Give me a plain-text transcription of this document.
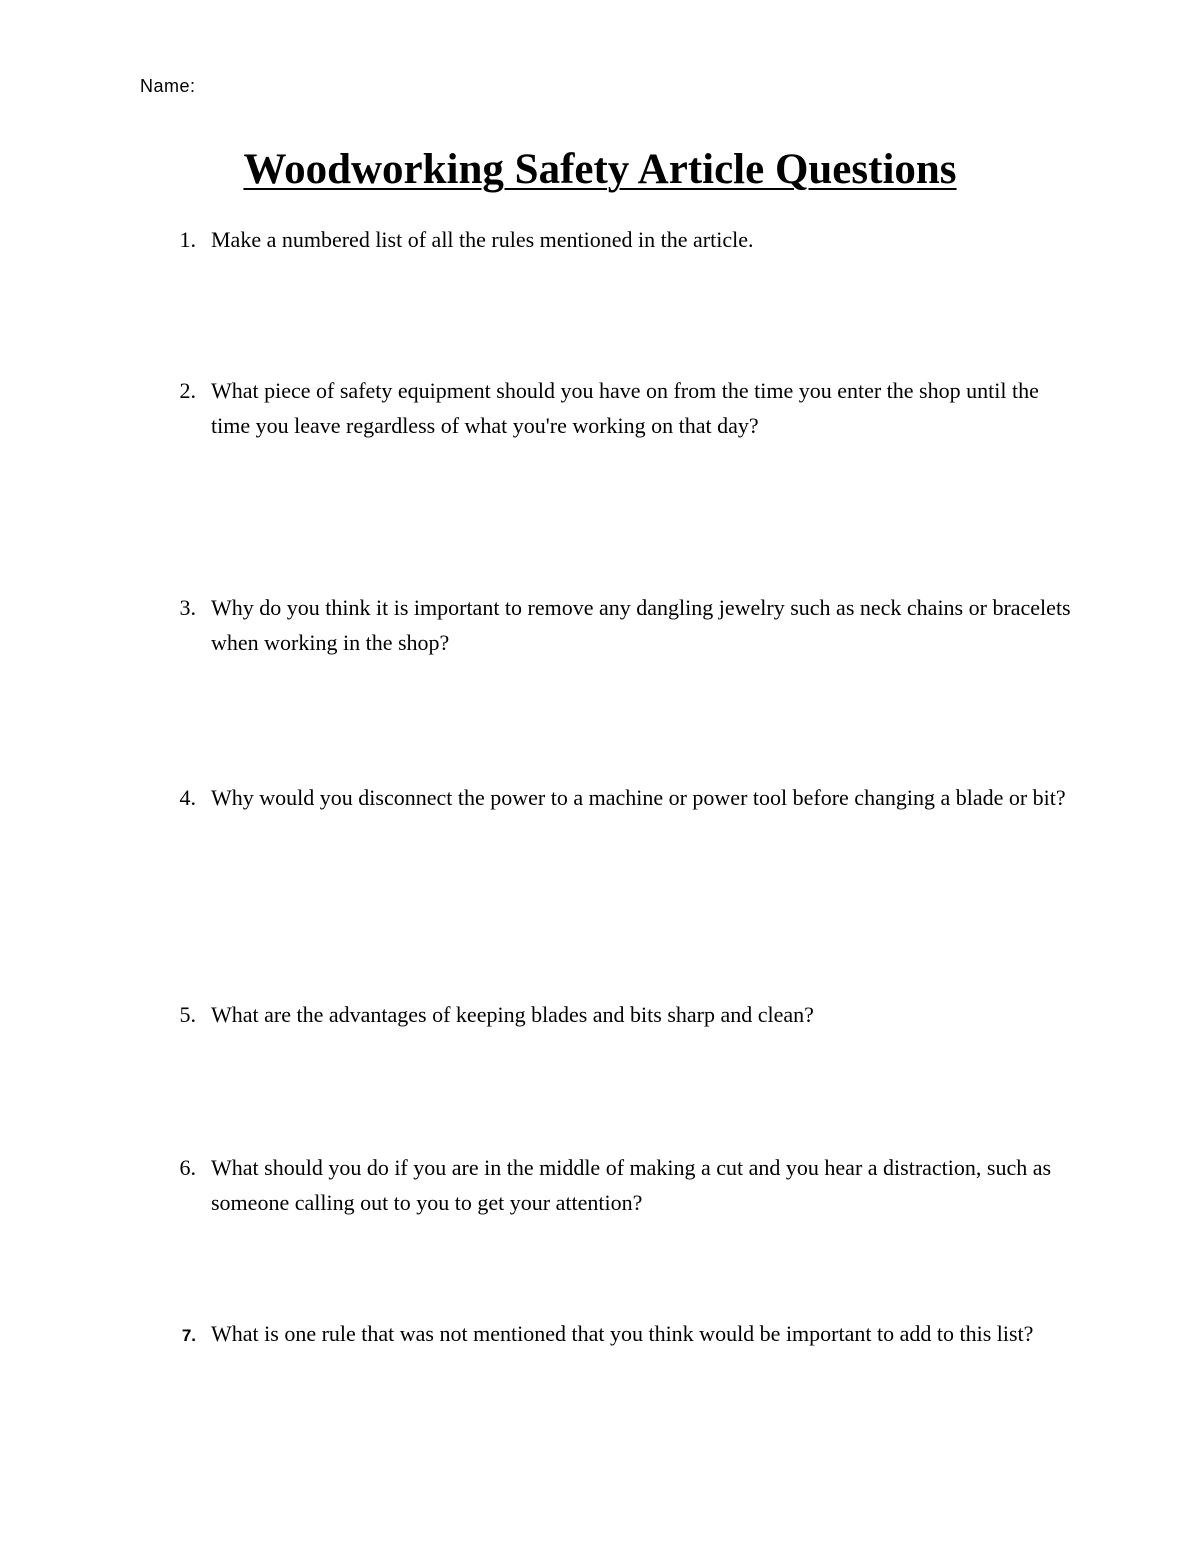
Name:
Woodworking Safety Article Questions
1. Make a numbered list of all the rules mentioned in the article.
2. What piece of safety equipment should you have on from the time you enter the shop until the time you leave regardless of what you're working on that day?
3. Why do you think it is important to remove any dangling jewelry such as neck chains or bracelets when working in the shop?
4. Why would you disconnect the power to a machine or power tool before changing a blade or bit?
5. What are the advantages of keeping blades and bits sharp and clean?
6. What should you do if you are in the middle of making a cut and you hear a distraction, such as someone calling out to you to get your attention?
7. What is one rule that was not mentioned that you think would be important to add to this list?
